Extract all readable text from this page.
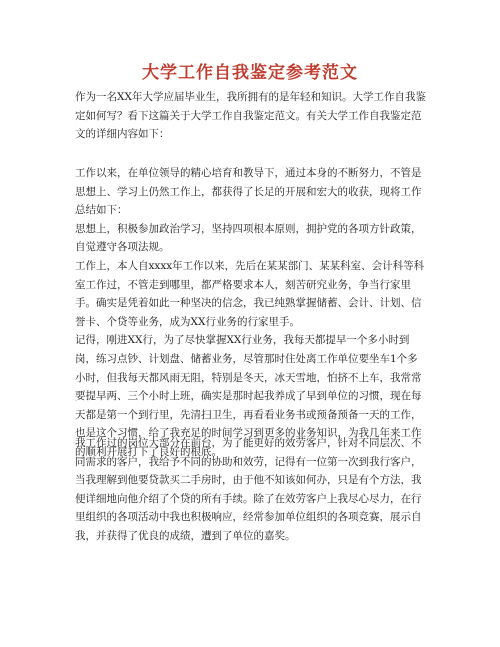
大学工作自我鉴定参考范文

作为一名XX年大学应届毕业生，我所拥有的是年轻和知识。大学工作自我鉴定如何写？看下这篇关于大学工作自我鉴定范文。有关大学工作自我鉴定范文的详细内容如下：

工作以来，在单位领导的精心培育和教导下，通过本身的不断努力，不管是思想上、学习上仍然工作上，都获得了长足的开展和宏大的收获，现将工作总结如下：

思想上，积极参加政治学习，坚持四项根本原则，拥护党的各项方针政策，自觉遵守各项法规。

工作上，本人自xxxx年工作以来，先后在某某部门、某某科室、会计科等科室工作过，不管走到哪里，都严格要求本人，刻苦研究业务，争当行家里手。确实是凭着如此一种坚决的信念，我已纯熟掌握储蓄、会计、计划、信誉卡、个贷等业务，成为XX行业务的行家里手。

记得，刚进XX行，为了尽快掌握XX行业务，我每天都提早一个多小时到岗，练习点钞、计划盘、储蓄业务，尽管那时住处离工作单位要坐车1个多小时，但我每天都风雨无阻，特别是冬天，冰天雪地，怕挤不上车，我常常要提早两、三个小时上班，确实是那时起我养成了早到单位的习惯，现在每天都是第一个到行里，先清扫卫生，再看看业务书或预备预备一天的工作，也是这个习惯，给了我充足的时间学习到更多的业务知识，为我几年来工作的顺利开展打下了良好的根底。

我工作过的岗位大部分在前台，为了能更好的效劳客户，针对不同层次、不同需求的客户，我给予不同的协助和效劳，记得有一位第一次到我行客户，当我理解到他要贷款买二手房时，由于他不知该如何办，只是有个方法，我便详细地向他介绍了个贷的所有手续。除了在效劳客户上我尽心尽力，在行里组织的各项活动中我也积极响应，经常参加单位组织的各项竞赛，展示自我，并获得了优良的成绩，遭到了单位的嘉奖。
